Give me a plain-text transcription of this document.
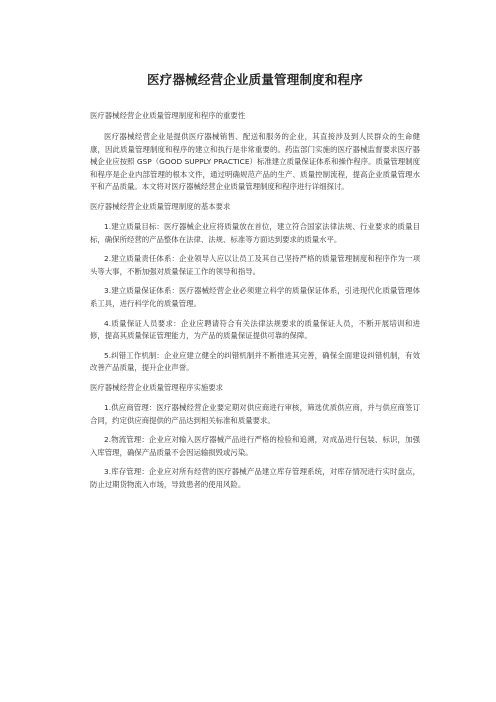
医疗器械经营企业质量管理制度和程序
医疗器械经营企业质量管理制度和程序的重要性

医疗器械经营企业是提供医疗器械销售、配送和服务的企业，其直接涉及到人民群众的生命健康，因此质量管理制度和程序的建立和执行是非常重要的。药监部门实施的医疗器械监督要求医疗器械企业应按照 GSP（GOOD SUPPLY PRACTICE）标准建立质量保证体系和操作程序。质量管理制度和程序是企业内部管理的根本文件，通过明确规范产品的生产、质量控制流程，提高企业质量管理水平和产品质量。本文将对医疗器械经营企业质量管理制度和程序进行详细探讨。

医疗器械经营企业质量管理制度的基本要求

1.建立质量目标：医疗器械企业应将质量放在首位，建立符合国家法律法规、行业要求的质量目标，确保所经营的产品整体在法律、法规、标准等方面达到要求的质量水平。

2.建立质量责任体系：企业领导人应以让员工及其自己坚持严格的质量管理制度和程序作为一项头等大事，不断加强对质量保证工作的领导和指导。

3.建立质量保证体系：医疗器械经营企业必须建立科学的质量保证体系，引进现代化质量管理体系工具，进行科学化的质量管理。

4.质量保证人员要求：企业应聘请符合有关法律法规要求的质量保证人员，不断开展培训和进修，提高其质量保证管理能力，为产品的质量保证提供可靠的保障。

5.纠错工作机制：企业应建立健全的纠错机制并不断推进其完善，确保全面建设纠错机制，有效改善产品质量，提升企业声誉。

医疗器械经营企业质量管理程序实施要求

1.供应商管理：医疗器械经营企业要定期对供应商进行审核，筛选优质供应商，并与供应商签订合同，约定供应商提供的产品达到相关标准和质量要求。

2.物流管理：企业应对输入医疗器械产品进行严格的检验和追溯，对成品进行包装、标识，加强入库管理，确保产品质量不会因运输损毁或污染。

3.库存管理：企业应对所有经营的医疗器械产品建立库存管理系统，对库存情况进行实时盘点，防止过期货物流入市场，导致患者的使用风险。
